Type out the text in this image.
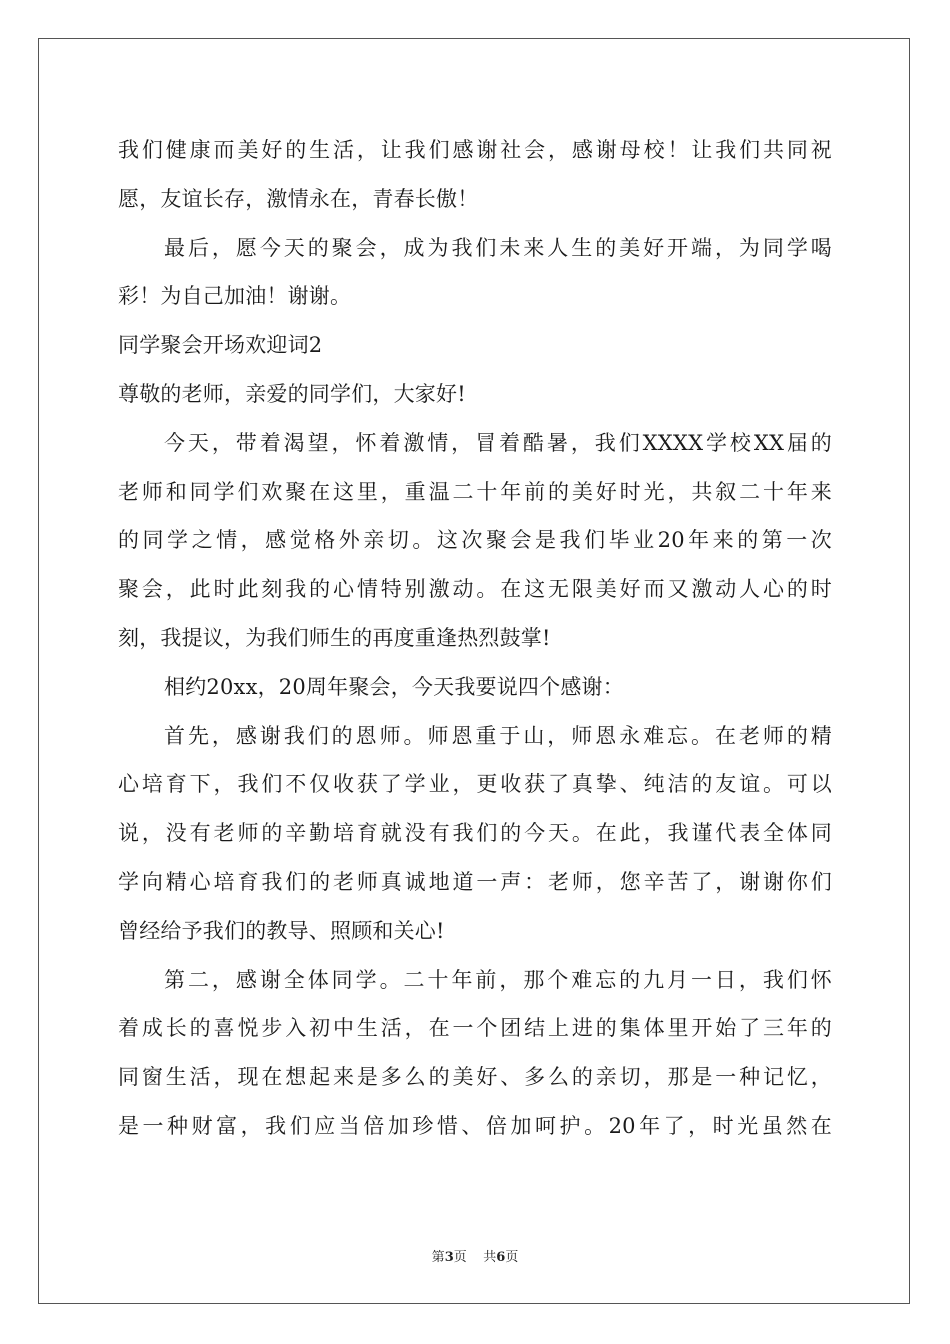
我们健康而美好的生活，让我们感谢社会，感谢母校！让我们共同祝
愿，友谊长存，激情永在，青春长傲！
最后，愿今天的聚会，成为我们未来人生的美好开端，为同学喝
彩！为自己加油！谢谢。
同学聚会开场欢迎词2
尊敬的老师，亲爱的同学们，大家好!
今天，带着渴望，怀着激情，冒着酷暑，我们XXXX学校XX届的
老师和同学们欢聚在这里，重温二十年前的美好时光，共叙二十年来
的同学之情，感觉格外亲切。这次聚会是我们毕业20年来的第一次
聚会，此时此刻我的心情特别激动。在这无限美好而又激动人心的时
刻，我提议，为我们师生的再度重逢热烈鼓掌!
相约20xx，20周年聚会，今天我要说四个感谢：
首先，感谢我们的恩师。师恩重于山，师恩永难忘。在老师的精
心培育下，我们不仅收获了学业，更收获了真挚、纯洁的友谊。可以
说，没有老师的辛勤培育就没有我们的今天。在此，我谨代表全体同
学向精心培育我们的老师真诚地道一声：老师，您辛苦了，谢谢你们
曾经给予我们的教导、照顾和关心!
第二，感谢全体同学。二十年前，那个难忘的九月一日，我们怀
着成长的喜悦步入初中生活，在一个团结上进的集体里开始了三年的
同窗生活，现在想起来是多么的美好、多么的亲切，那是一种记忆，
是一种财富，我们应当倍加珍惜、倍加呵护。20年了，时光虽然在
第3页    共6页
